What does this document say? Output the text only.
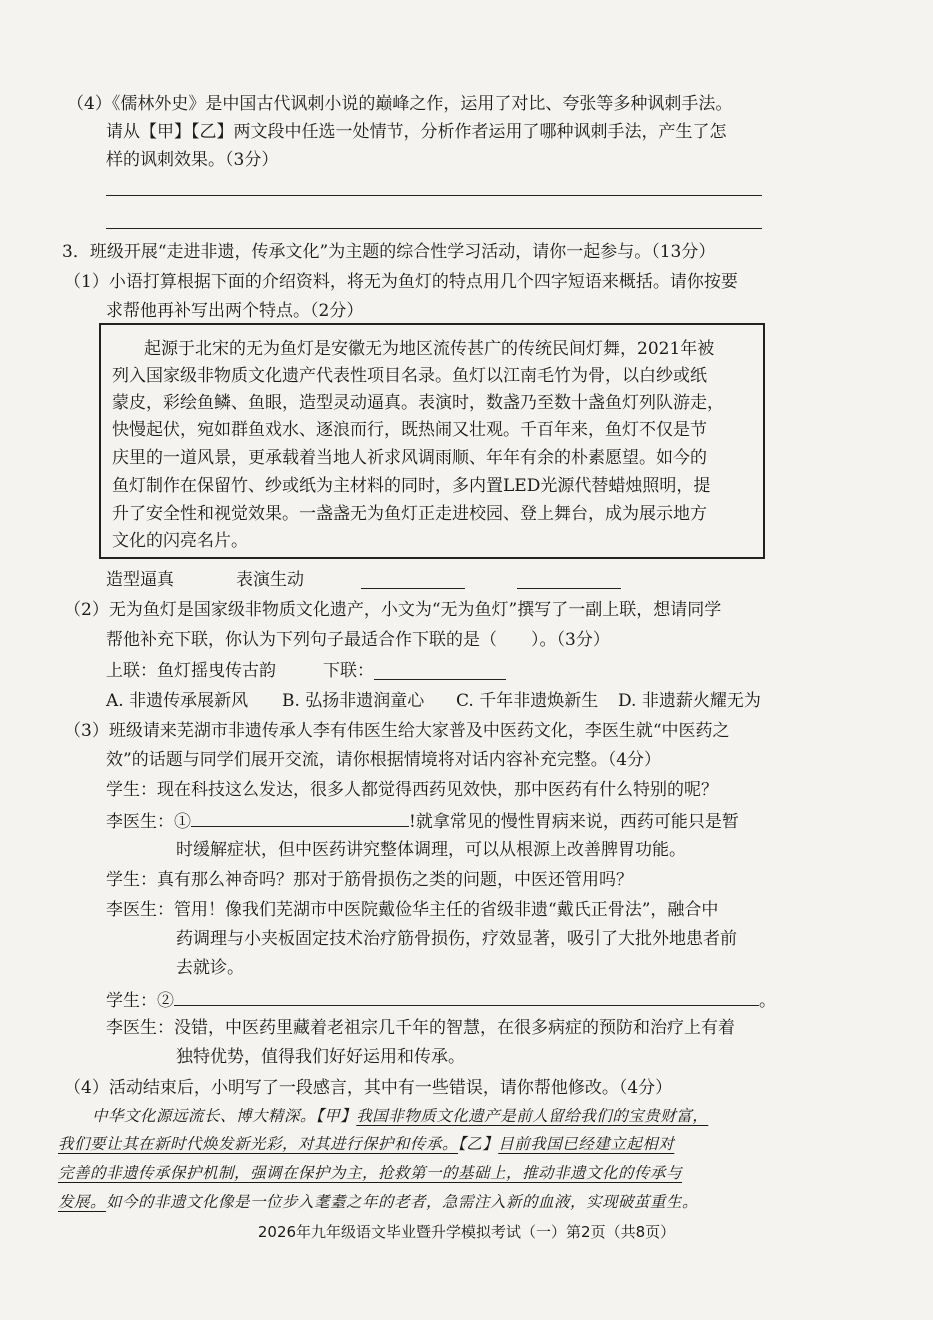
（4）《儒林外史》是中国古代讽刺小说的巅峰之作，运用了对比、夸张等多种讽刺手法。
请从【甲】【乙】两文段中任选一处情节，分析作者运用了哪种讽刺手法，产生了怎
样的讽刺效果。（3分）
3．班级开展“走进非遗，传承文化”为主题的综合性学习活动，请你一起参与。（13分）
（1）小语打算根据下面的介绍资料，将无为鱼灯的特点用几个四字短语来概括。请你按要
求帮他再补写出两个特点。（2分）
起源于北宋的无为鱼灯是安徽无为地区流传甚广的传统民间灯舞，2021年被
列入国家级非物质文化遗产代表性项目名录。鱼灯以江南毛竹为骨，以白纱或纸
蒙皮，彩绘鱼鳞、鱼眼，造型灵动逼真。表演时，数盏乃至数十盏鱼灯列队游走，
快慢起伏，宛如群鱼戏水、逐浪而行，既热闹又壮观。千百年来，鱼灯不仅是节
庆里的一道风景，更承载着当地人祈求风调雨顺、年年有余的朴素愿望。如今的
鱼灯制作在保留竹、纱或纸为主材料的同时，多内置LED光源代替蜡烛照明，提
升了安全性和视觉效果。一盏盏无为鱼灯正走进校园、登上舞台，成为展示地方
文化的闪亮名片。
造型逼真	表演生动
（2）无为鱼灯是国家级非物质文化遗产，小文为“无为鱼灯”撰写了一副上联，想请同学
帮他补充下联，你认为下列句子最适合作下联的是（　　）。（3分）
上联：鱼灯摇曳传古韵	下联：
A. 非遗传承展新风 B. 弘扬非遗润童心 C. 千年非遗焕新生 D. 非遗薪火耀无为
（3）班级请来芜湖市非遗传承人李有伟医生给大家普及中医药文化，李医生就“中医药之
效”的话题与同学们展开交流，请你根据情境将对话内容补充完整。（4分）
学生：现在科技这么发达，很多人都觉得西药见效快，那中医药有什么特别的呢？
李医生：①	!就拿常见的慢性胃病来说，西药可能只是暂
时缓解症状，但中医药讲究整体调理，可以从根源上改善脾胃功能。
学生：真有那么神奇吗？那对于筋骨损伤之类的问题，中医还管用吗？
李医生：管用！像我们芜湖市中医院戴俭华主任的省级非遗“戴氏正骨法”，融合中
药调理与小夹板固定技术治疗筋骨损伤，疗效显著，吸引了大批外地患者前
去就诊。
学生：②	。
李医生：没错，中医药里藏着老祖宗几千年的智慧，在很多病症的预防和治疗上有着
独特优势，值得我们好好运用和传承。
（4）活动结束后，小明写了一段感言，其中有一些错误，请你帮他修改。（4分）
中华文化源远流长、博大精深。【甲】我国非物质文化遗产是前人留给我们的宝贵财富，
我们要让其在新时代焕发新光彩，对其进行保护和传承。【乙】目前我国已经建立起相对
完善的非遗传承保护机制，强调在保护为主，抢救第一的基础上，推动非遗文化的传承与
发展。如今的非遗文化像是一位步入耄耋之年的老者，急需注入新的血液，实现破茧重生。
2026年九年级语文毕业暨升学模拟考试（一）第2页（共8页）
